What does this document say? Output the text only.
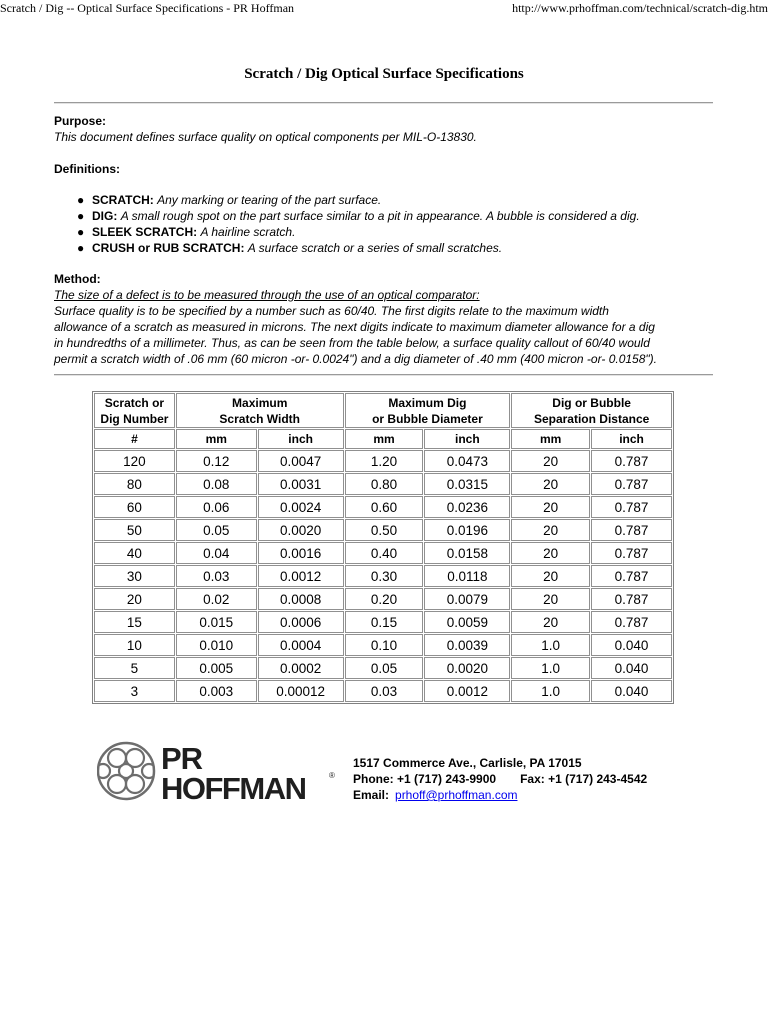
Scratch / Dig -- Optical Surface Specifications - PR Hoffman	http://www.prhoffman.com/technical/scratch-dig.htm
Scratch / Dig Optical Surface Specifications
Purpose:
This document defines surface quality on optical components per MIL-O-13830.
Definitions:
● SCRATCH: Any marking or tearing of the part surface.
● DIG: A small rough spot on the part surface similar to a pit in appearance. A bubble is considered a dig.
● SLEEK SCRATCH: A hairline scratch.
● CRUSH or RUB SCRATCH: A surface scratch or a series of small scratches.
Method:
The size of a defect is to be measured through the use of an optical comparator:
Surface quality is to be specified by a number such as 60/40. The first digits relate to the maximum width
allowance of a scratch as measured in microns. The next digits indicate to maximum diameter allowance for a dig
in hundredths of a millimeter. Thus, as can be seen from the table below, a surface quality callout of 60/40 would
permit a scratch width of .06 mm (60 micron -or- 0.0024") and a dig diameter of .40 mm (400 micron -or- 0.0158").
Scratch or
Dig Number	Maximum
Scratch Width		Maximum Dig
or Bubble Diameter		Dig or Bubble
Separation Distance	
#	mm	inch	mm	inch	mm	inch
120	0.12	0.0047	1.20	0.0473	20	0.787
80	0.08	0.0031	0.80	0.0315	20	0.787
60	0.06	0.0024	0.60	0.0236	20	0.787
50	0.05	0.0020	0.50	0.0196	20	0.787
40	0.04	0.0016	0.40	0.0158	20	0.787
30	0.03	0.0012	0.30	0.0118	20	0.787
20	0.02	0.0008	0.20	0.0079	20	0.787
15	0.015	0.0006	0.15	0.0059	20	0.787
10	0.010	0.0004	0.10	0.0039	1.0	0.040
5	0.005	0.0002	0.05	0.0020	1.0	0.040
3	0.003	0.00012	0.03	0.0012	1.0	0.040
PR
HOFFMAN	®
1517 Commerce Ave., Carlisle, PA 17015
Phone: +1 (717) 243-9900 Fax: +1 (717) 243-4542
Email: prhoff@prhoffman.com
